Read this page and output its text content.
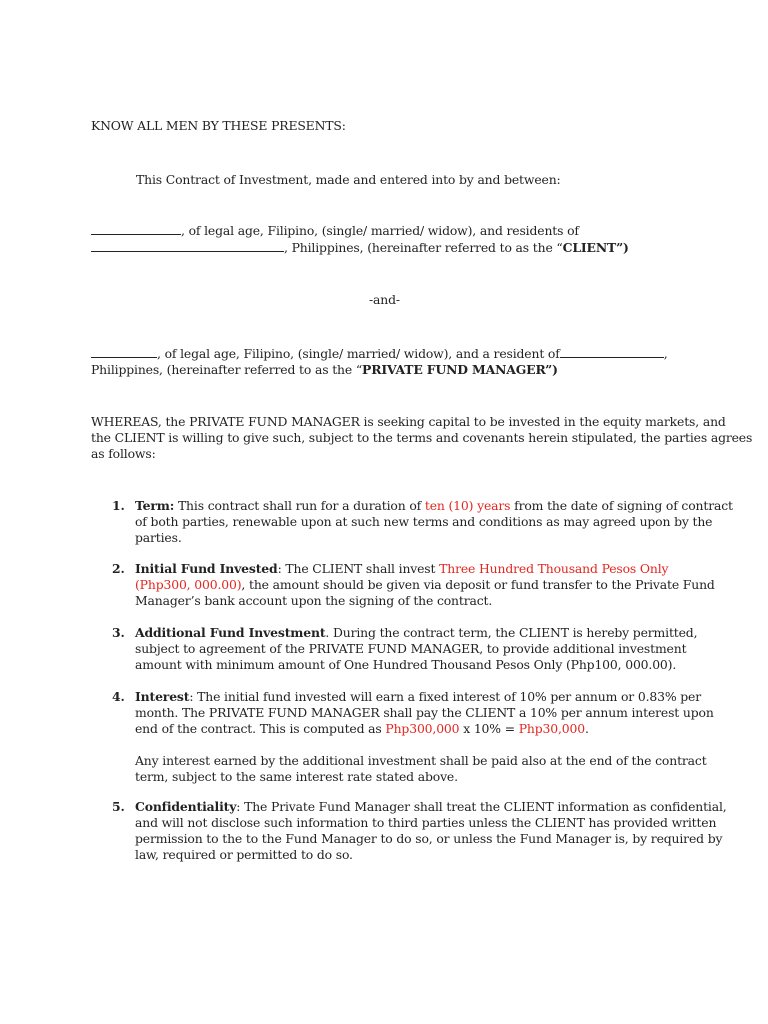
KNOW ALL MEN BY THESE PRESENTS:
This Contract of Investment, made and entered into by and between:
, of legal age, Filipino, (single/ married/ widow), and residents of
, Philippines, (hereinafter referred to as the “CLIENT”)
-and-
, of legal age, Filipino, (single/ married/ widow), and a resident of	,
Philippines, (hereinafter referred to as the “PRIVATE FUND MANAGER”)
WHEREAS, the PRIVATE FUND MANAGER is seeking capital to be invested in the equity markets, and
the CLIENT is willing to give such, subject to the terms and covenants herein stipulated, the parties agrees
as follows:
1. Term: This contract shall run for a duration of ten (10) years from the date of signing of contract
of both parties, renewable upon at such new terms and conditions as may agreed upon by the
parties.
2. Initial Fund Invested: The CLIENT shall invest Three Hundred Thousand Pesos Only
(Php300, 000.00), the amount should be given via deposit or fund transfer to the Private Fund
Manager’s bank account upon the signing of the contract.
3. Additional Fund Investment. During the contract term, the CLIENT is hereby permitted,
subject to agreement of the PRIVATE FUND MANAGER, to provide additional investment
amount with minimum amount of One Hundred Thousand Pesos Only (Php100, 000.00).
4. Interest: The initial fund invested will earn a fixed interest of 10% per annum or 0.83% per
month. The PRIVATE FUND MANAGER shall pay the CLIENT a 10% per annum interest upon
end of the contract. This is computed as Php300,000 x 10% = Php30,000.
Any interest earned by the additional investment shall be paid also at the end of the contract
term, subject to the same interest rate stated above.
5. Confidentiality: The Private Fund Manager shall treat the CLIENT information as confidential,
and will not disclose such information to third parties unless the CLIENT has provided written
permission to the to the Fund Manager to do so, or unless the Fund Manager is, by required by
law, required or permitted to do so.
